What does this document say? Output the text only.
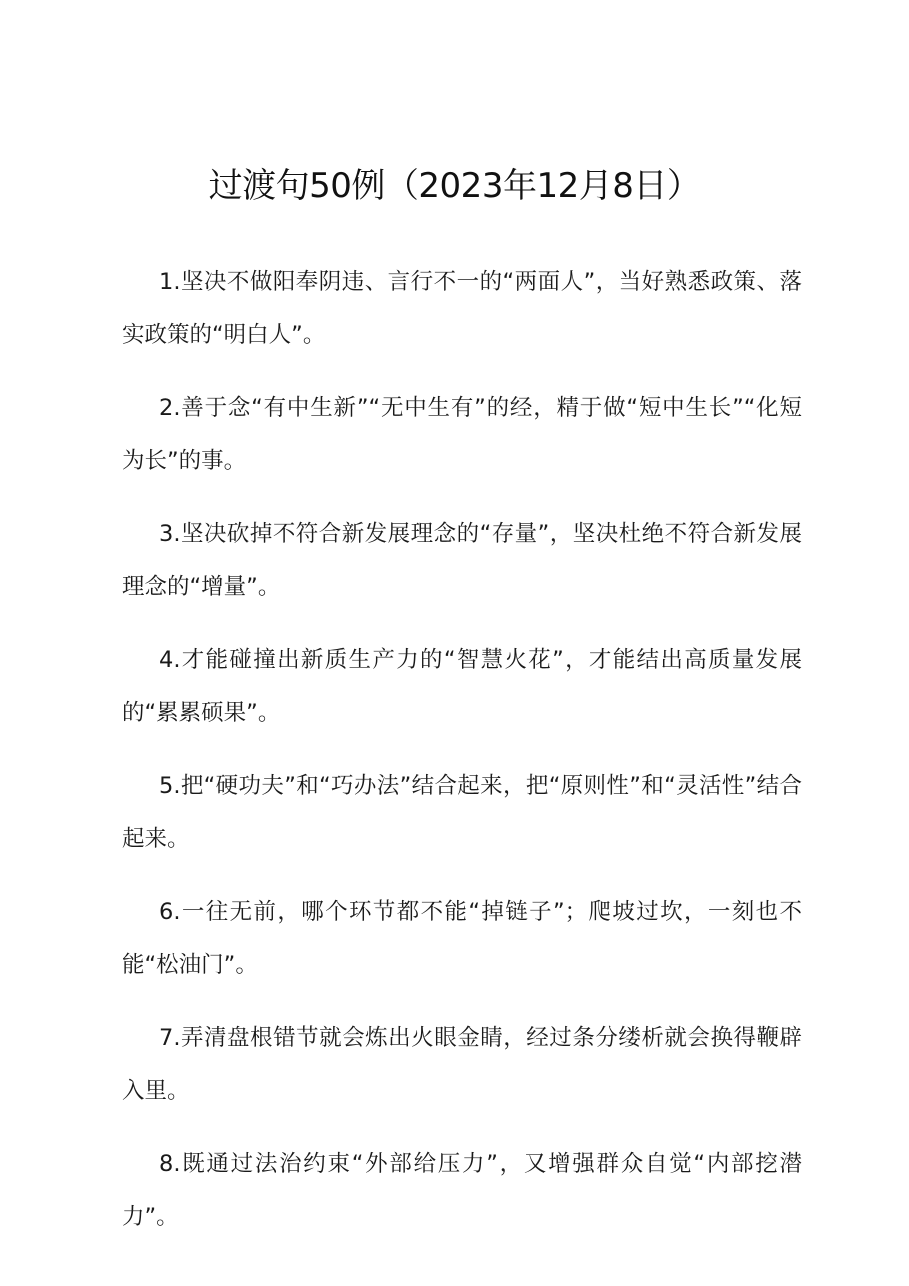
过渡句50例（2023年12月8日）

1.坚决不做阳奉阴违、言行不一的“两面人”，当好熟悉政策、落实政策的“明白人”。

2.善于念“有中生新”“无中生有”的经，精于做“短中生长”“化短为长”的事。

3.坚决砍掉不符合新发展理念的“存量”，坚决杜绝不符合新发展理念的“增量”。

4.才能碰撞出新质生产力的“智慧火花”，才能结出高质量发展的“累累硕果”。

5.把“硬功夫”和“巧办法”结合起来，把“原则性”和“灵活性”结合起来。

6.一往无前，哪个环节都不能“掉链子”；爬坡过坎，一刻也不能“松油门”。

7.弄清盘根错节就会炼出火眼金睛，经过条分缕析就会换得鞭辟入里。

8.既通过法治约束“外部给压力”，又增强群众自觉“内部挖潜力”。
